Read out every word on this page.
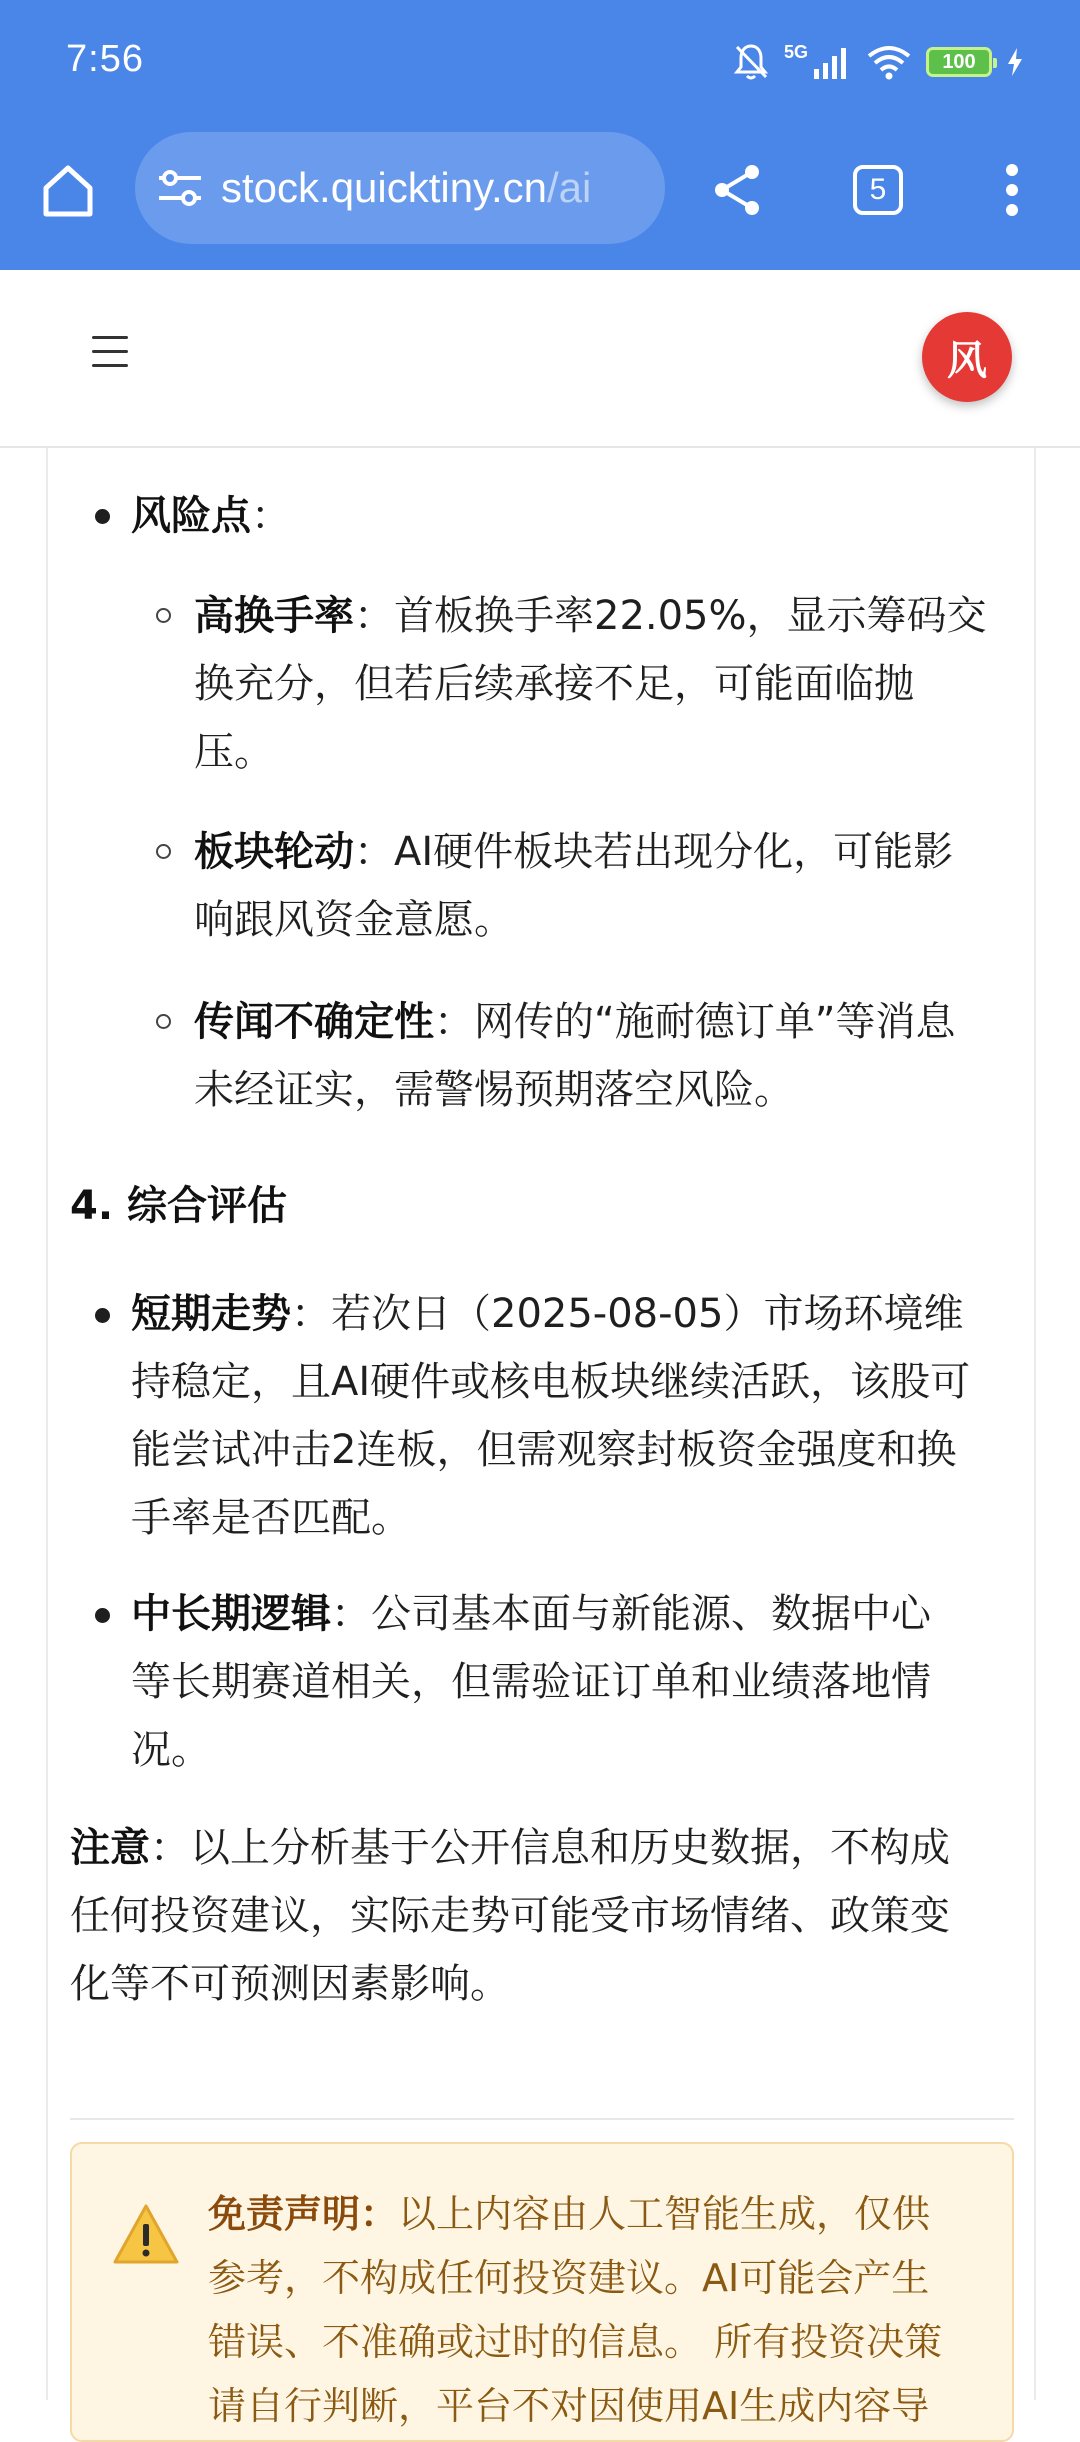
7:56	5G	100
stock.quicktiny.cn/ai	5
风
风险点：
高换手率：首板换手率22.05%，显示筹码交
换充分，但若后续承接不足，可能面临抛
压。
板块轮动：AI硬件板块若出现分化，可能影
响跟风资金意愿。
传闻不确定性：网传的“施耐德订单”等消息
未经证实，需警惕预期落空风险。
4. 综合评估
短期走势：若次日（2025-08-05）市场环境维
持稳定，且AI硬件或核电板块继续活跃，该股可
能尝试冲击2连板，但需观察封板资金强度和换
手率是否匹配。
中长期逻辑：公司基本面与新能源、数据中心
等长期赛道相关，但需验证订单和业绩落地情
况。
注意：以上分析基于公开信息和历史数据，不构成
任何投资建议，实际走势可能受市场情绪、政策变
化等不可预测因素影响。
免责声明：以上内容由人工智能生成，仅供
参考，不构成任何投资建议。AI可能会产生
错误、不准确或过时的信息。 所有投资决策
请自行判断，平台不对因使用AI生成内容导
